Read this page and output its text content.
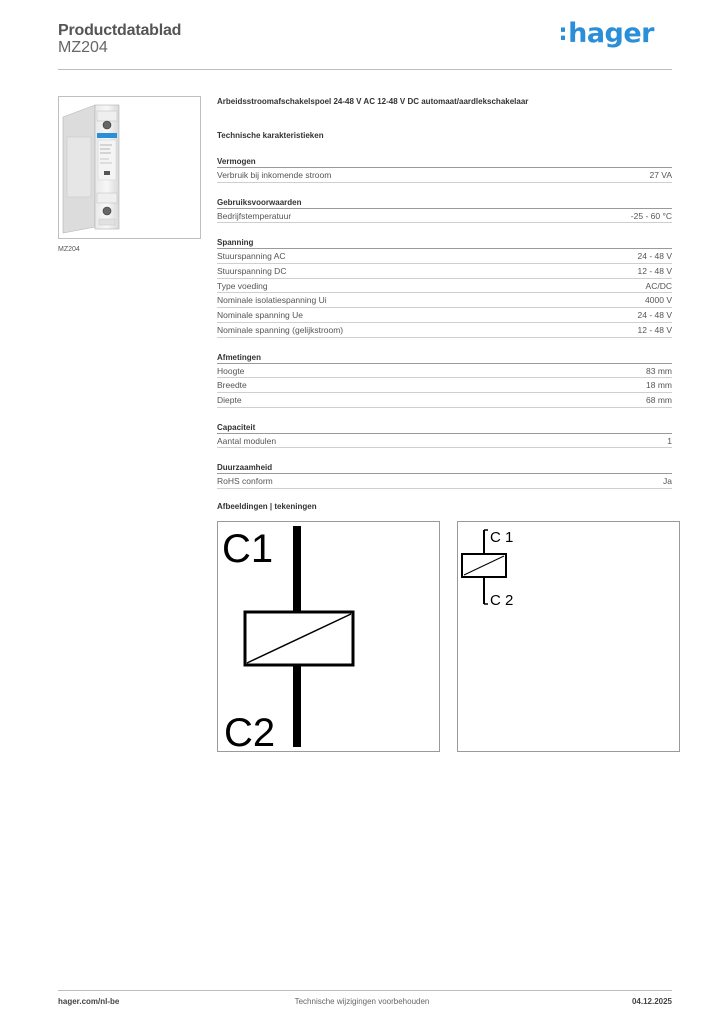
Productdatablad
MZ204
:hager
MZ204
Arbeidsstroomafschakelspoel 24-48 V AC 12-48 V DC automaat/aardlekschakelaar
Technische karakteristieken
Vermogen
Verbruik bij inkomende stroom	27 VA
Gebruiksvoorwaarden
Bedrijfstemperatuur	-25 - 60 °C
Spanning
Stuurspanning AC	24 - 48 V
Stuurspanning DC	12 - 48 V
Type voeding	AC/DC
Nominale isolatiespanning Ui	4000 V
Nominale spanning Ue	24 - 48 V
Nominale spanning (gelijkstroom)	12 - 48 V
Afmetingen
Hoogte	83 mm
Breedte	18 mm
Diepte	68 mm
Capaciteit
Aantal modulen	1
Duurzaamheid
RoHS conform	Ja
Afbeeldingen | tekeningen
C1
C2
C 1
C 2
hager.com/nl-be	Technische wijzigingen voorbehouden	04.12.2025
